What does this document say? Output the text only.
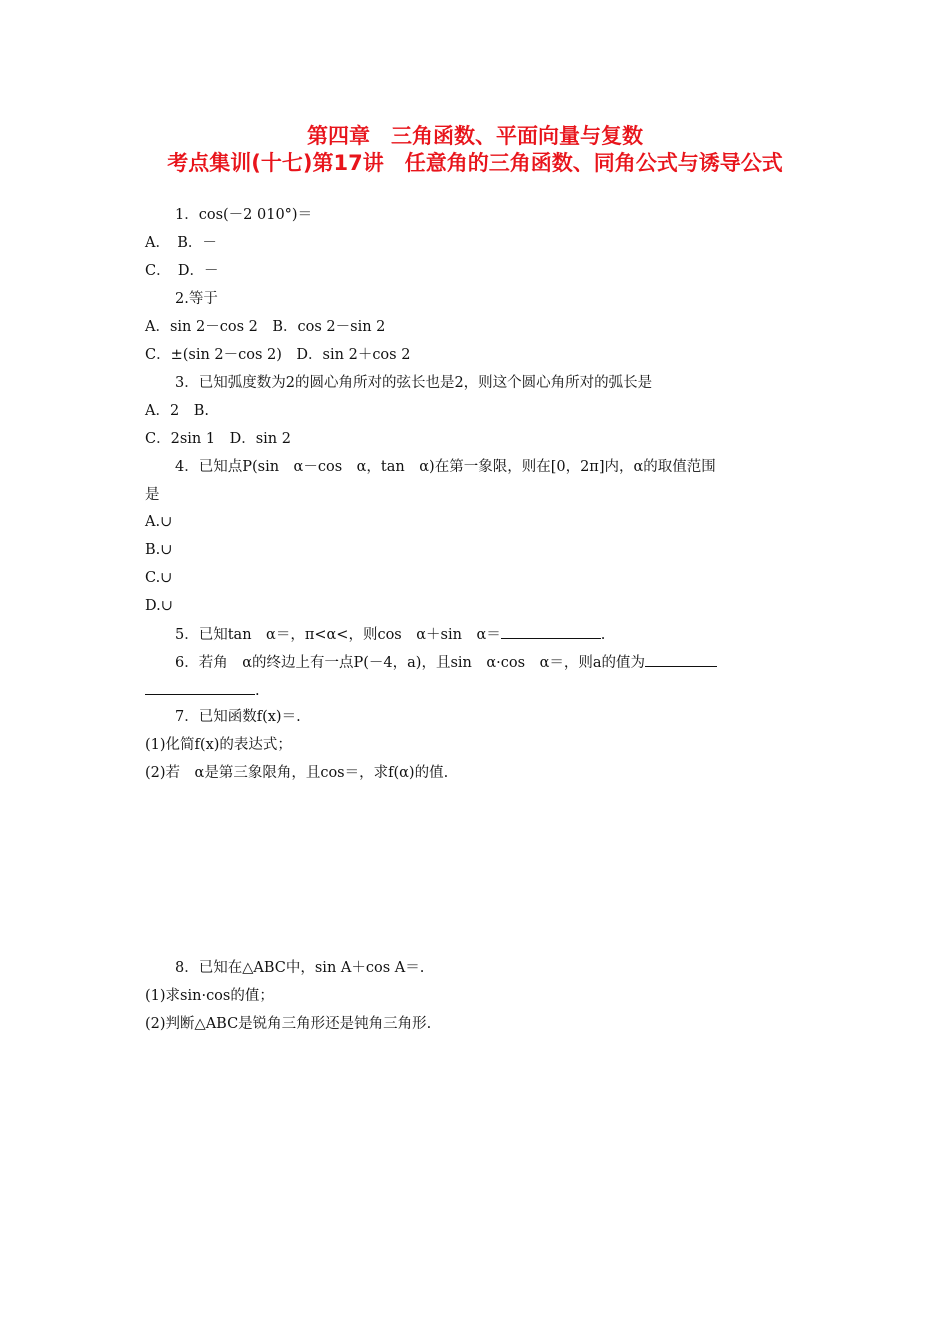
第四章　三角函数、平面向量与复数
考点集训(十七)第17讲　任意角的三角函数、同角公式与诱导公式
1．cos(－2 010°)＝
A．　B．－
C．　D．－
2.等于
A．sin 2－cos 2　B．cos 2－sin 2
C．±(sin 2－cos 2)　D．sin 2＋cos 2
3．已知弧度数为2的圆心角所对的弦长也是2，则这个圆心角所对的弧长是
A．2　B.
C．2sin 1　D．sin 2
4．已知点P(sin　α－cos　α，tan　α)在第一象限，则在[0，2π]内，α的取值范围
是
A.∪
B.∪
C.∪
D.∪
5．已知tan　α＝，π<α<，则cos　α＋sin　α＝	.
6．若角　α的终边上有一点P(－4，a)，且sin　α·cos　α＝，则a的值为
.
7．已知函数f(x)＝.
(1)化简f(x)的表达式；
(2)若　α是第三象限角，且cos＝，求f(α)的值.
8．已知在△ABC中，sin A＋cos A＝.
(1)求sin·cos的值；
(2)判断△ABC是锐角三角形还是钝角三角形.
